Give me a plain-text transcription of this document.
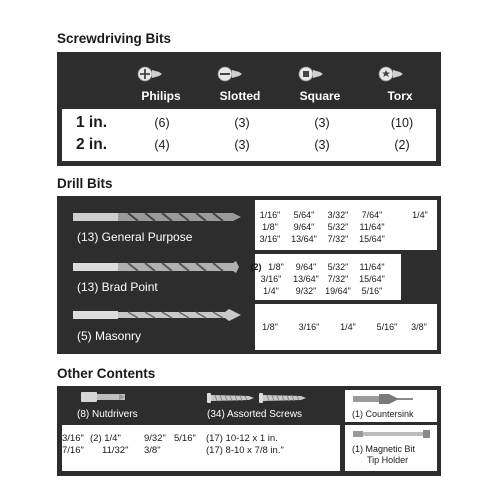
Screwdriving Bits
Philips	Slotted	Square	Torx
1 in.	(6)	(3)	(3)	(10)
2 in.	(4)	(3)	(3)	(2)
Drill Bits
(13) General Purpose
(13) Brad Point
(5) Masonry
1/16"	5/64"	3/32"	7/64"	1/4"
1/8"	9/64"	5/32"	11/64"
3/16"	13/64"	7/32"	15/64"
(2) 1/8"	9/64"	5/32"	11/64"
3/16"	13/64" 7/32"	15/64"
1/4"	9/32" 19/64"	5/16"
1/8"	3/16"	1/4"	5/16"	3/8"
Other Contents
(8) Nutdrivers	(34) Assorted Screws
3/16" (2) 1/4" 9/32" 5/16"
7/16" 11/32" 3/8"
(17) 10-12 x 1 in.
(17) 8-10 x 7/8 in."
(1) Countersink
(1) Magnetic Bit
Tip Holder
